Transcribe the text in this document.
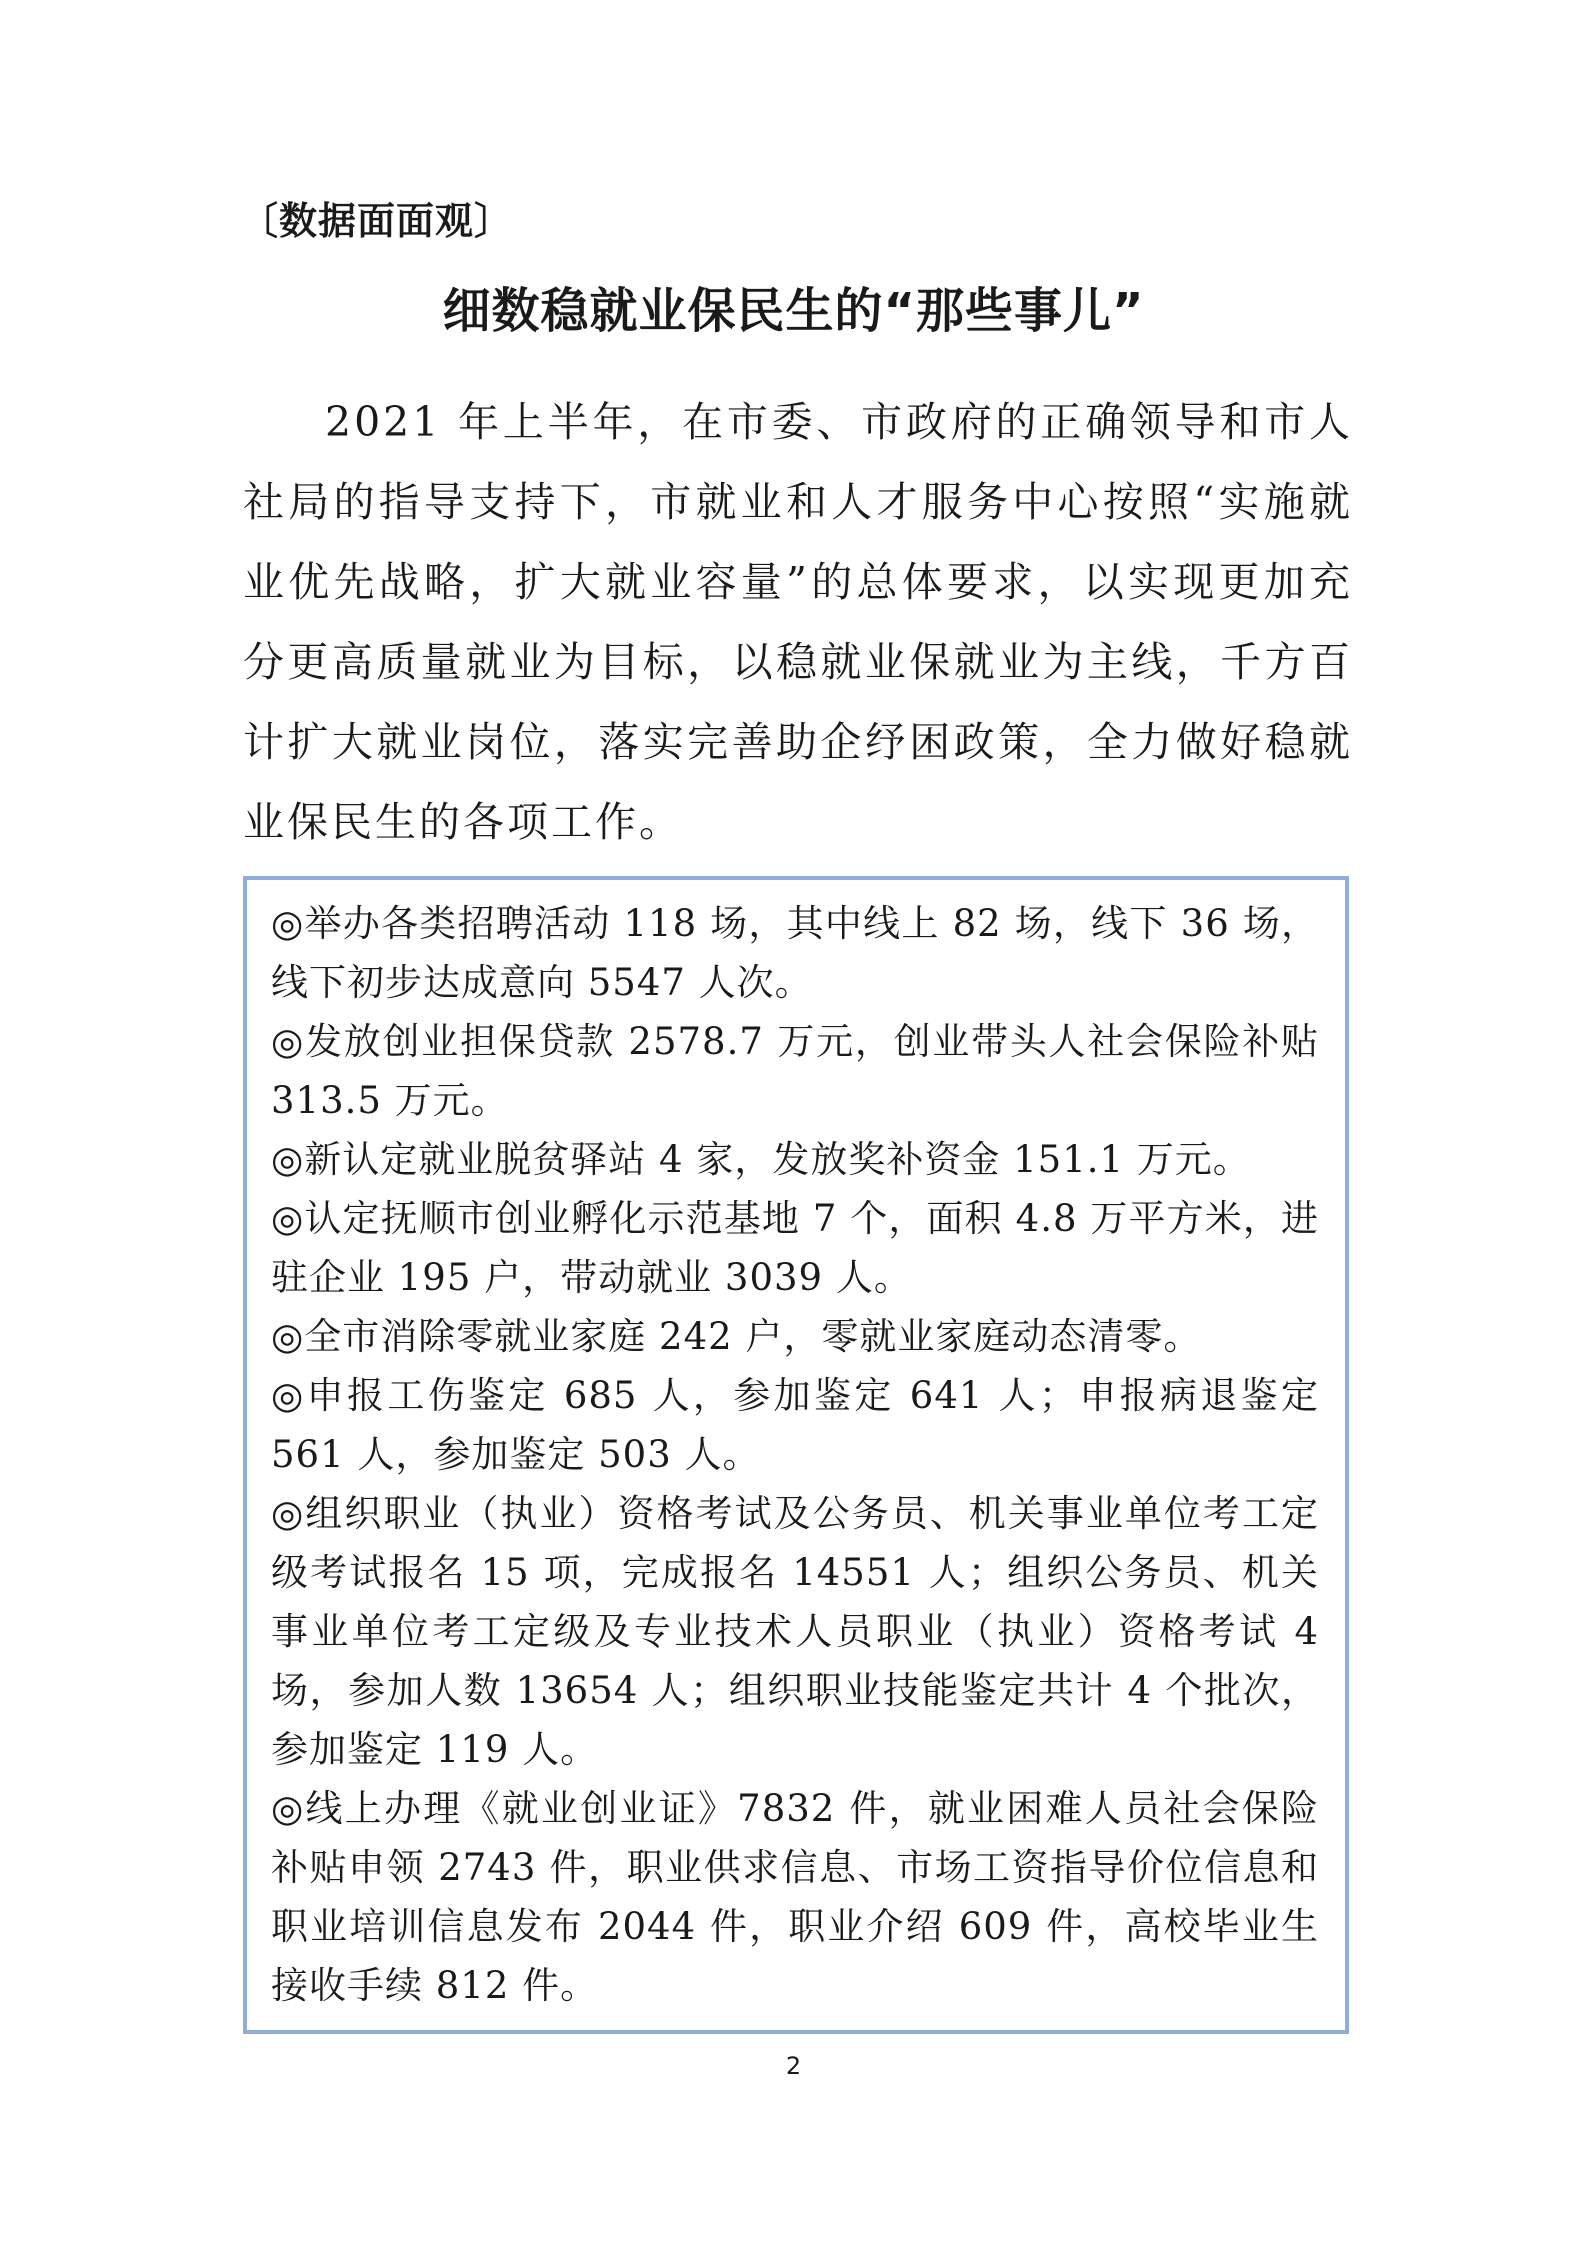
〔数据面面观〕
细数稳就业保民生的“那些事儿”

2021 年上半年，在市委、市政府的正确领导和市人社局的指导支持下，市就业和人才服务中心按照“实施就业优先战略，扩大就业容量”的总体要求，以实现更加充分更高质量就业为目标，以稳就业保就业为主线，千方百计扩大就业岗位，落实完善助企纾困政策，全力做好稳就业保民生的各项工作。

◎举办各类招聘活动 118 场，其中线上 82 场，线下 36 场，线下初步达成意向 5547 人次。
◎发放创业担保贷款 2578.7 万元，创业带头人社会保险补贴 313.5 万元。
◎新认定就业脱贫驿站 4 家，发放奖补资金 151.1 万元。
◎认定抚顺市创业孵化示范基地 7 个，面积 4.8 万平方米，进驻企业 195 户，带动就业 3039 人。
◎全市消除零就业家庭 242 户，零就业家庭动态清零。
◎申报工伤鉴定 685 人，参加鉴定 641 人；申报病退鉴定 561 人，参加鉴定 503 人。
◎组织职业（执业）资格考试及公务员、机关事业单位考工定级考试报名 15 项，完成报名 14551 人；组织公务员、机关事业单位考工定级及专业技术人员职业（执业）资格考试 4 场，参加人数 13654 人；组织职业技能鉴定共计 4 个批次，参加鉴定 119 人。
◎线上办理《就业创业证》7832 件，就业困难人员社会保险补贴申领 2743 件，职业供求信息、市场工资指导价位信息和职业培训信息发布 2044 件，职业介绍 609 件，高校毕业生接收手续 812 件。
2
